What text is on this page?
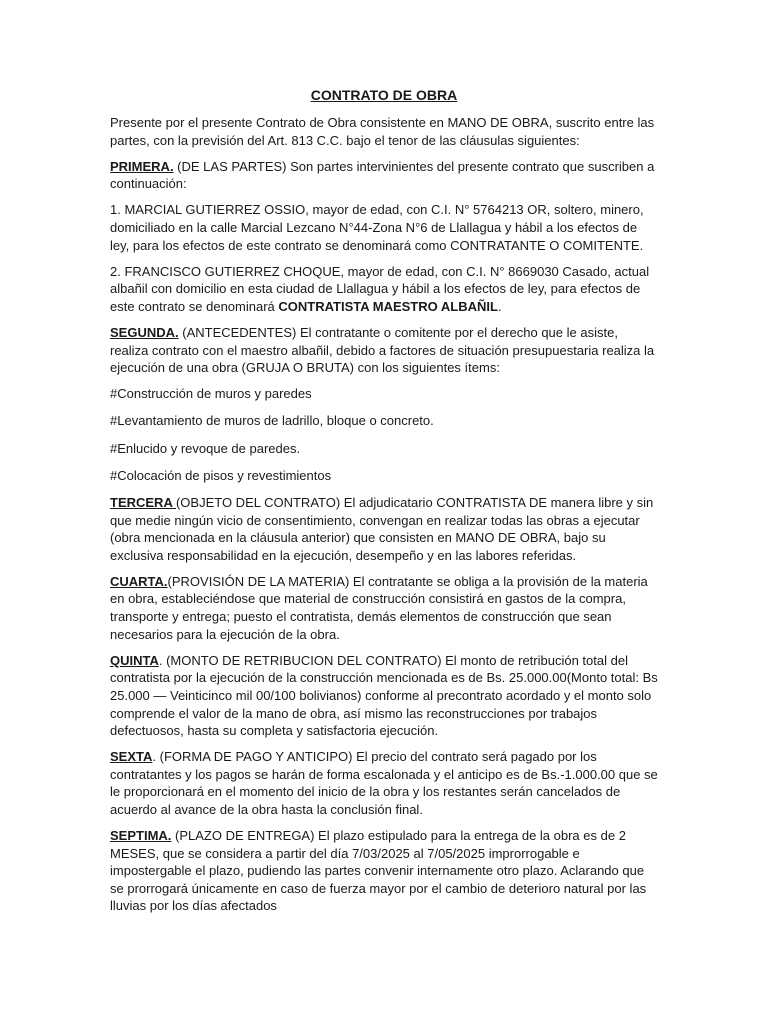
CONTRATO DE OBRA

Presente por el presente Contrato de Obra consistente en MANO DE OBRA, suscrito entre las partes, con la previsión del Art. 813 C.C. bajo el tenor de las cláusulas siguientes:

PRIMERA. (DE LAS PARTES) Son partes intervinientes del presente contrato que suscriben a continuación:

1. MARCIAL GUTIERREZ OSSIO, mayor de edad, con C.I. N° 5764213 OR, soltero, minero, domiciliado en la calle Marcial Lezcano N°44-Zona N°6 de Llallagua y hábil a los efectos de ley, para los efectos de este contrato se denominará como CONTRATANTE O COMITENTE.

2. FRANCISCO GUTIERREZ CHOQUE, mayor de edad, con C.I. N° 8669030 Casado, actual albañil con domicilio en esta ciudad de Llallagua y hábil a los efectos de ley, para efectos de este contrato se denominará CONTRATISTA MAESTRO ALBAÑIL.

SEGUNDA. (ANTECEDENTES) El contratante o comitente por el derecho que le asiste, realiza contrato con el maestro albañil, debido a factores de situación presupuestaria realiza la ejecución de una obra (GRUJA O BRUTA) con los siguientes ítems:

#Construcción de muros y paredes

#Levantamiento de muros de ladrillo, bloque o concreto.

#Enlucido y revoque de paredes.

#Colocación de pisos y revestimientos

TERCERA (OBJETO DEL CONTRATO) El adjudicatario CONTRATISTA DE manera libre y sin que medie ningún vicio de consentimiento, convengan en realizar todas las obras a ejecutar (obra mencionada en la cláusula anterior) que consisten en MANO DE OBRA, bajo su exclusiva responsabilidad en la ejecución, desempeño y en las labores referidas.

CUARTA.(PROVISIÓN DE LA MATERIA) El contratante se obliga a la provisión de la materia en obra, estableciéndose que material de construcción consistirá en gastos de la compra, transporte y entrega; puesto el contratista, demás elementos de construcción que sean necesarios para la ejecución de la obra.

QUINTA. (MONTO DE RETRIBUCION DEL CONTRATO) El monto de retribución total del contratista por la ejecución de la construcción mencionada es de Bs. 25.000.00(Monto total: Bs 25.000 — Veinticinco mil 00/100 bolivianos) conforme al precontrato acordado y el monto solo comprende el valor de la mano de obra, así mismo las reconstrucciones por trabajos defectuosos, hasta su completa y satisfactoria ejecución.

SEXTA. (FORMA DE PAGO Y ANTICIPO) El precio del contrato será pagado por los contratantes y los pagos se harán de forma escalonada y el anticipo es de Bs.-1.000.00 que se le proporcionará en el momento del inicio de la obra y los restantes serán cancelados de acuerdo al avance de la obra hasta la conclusión final.

SEPTIMA. (PLAZO DE ENTREGA) El plazo estipulado para la entrega de la obra es de 2 MESES, que se considera a partir del día 7/03/2025 al 7/05/2025 improrrogable e impostergable el plazo, pudiendo las partes convenir internamente otro plazo. Aclarando que se prorrogará únicamente en caso de fuerza mayor por el cambio de deterioro natural por las lluvias por los días afectados
